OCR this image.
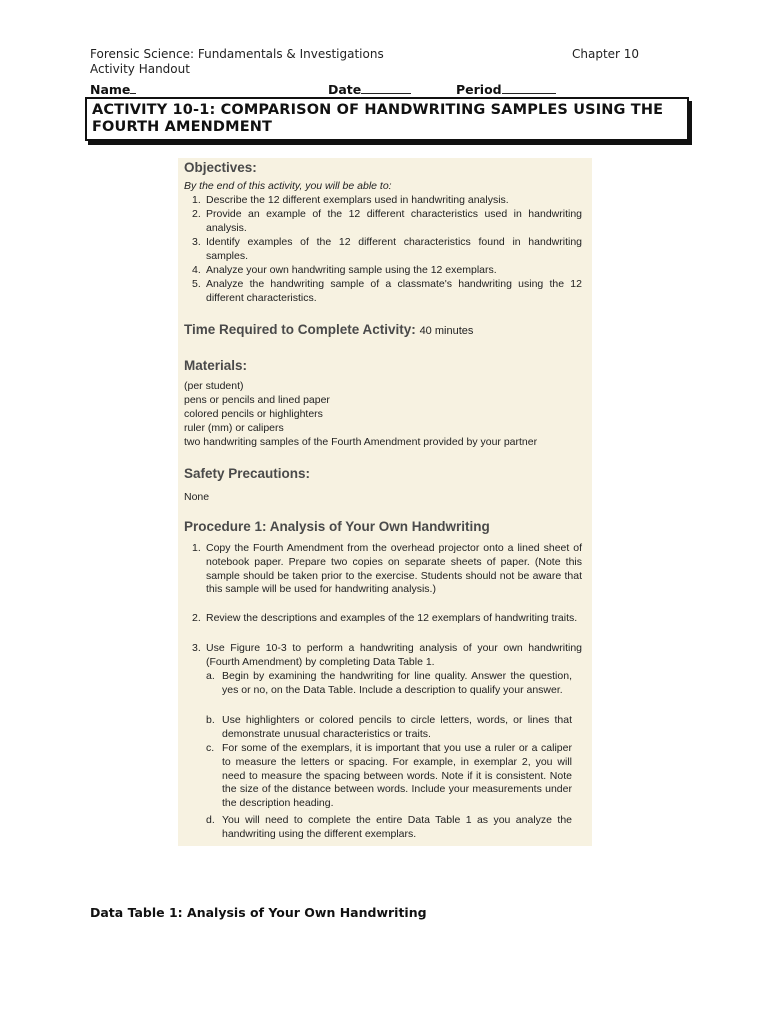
Forensic Science: Fundamentals & Investigations
Activity Handout
Chapter 10
Name	Date	Period
ACTIVITY 10-1: COMPARISON OF HANDWRITING SAMPLES USING THE FOURTH AMENDMENT
Objectives:
By the end of this activity, you will be able to:
1. Describe the 12 different exemplars used in handwriting analysis.
2. Provide an example of the 12 different characteristics used in handwriting analysis.
3. Identify examples of the 12 different characteristics found in handwriting samples.
4. Analyze your own handwriting sample using the 12 exemplars.
5. Analyze the handwriting sample of a classmate's handwriting using the 12 different characteristics.
Time Required to Complete Activity: 40 minutes
Materials:
(per student)
pens or pencils and lined paper
colored pencils or highlighters
ruler (mm) or calipers
two handwriting samples of the Fourth Amendment provided by your partner
Safety Precautions:
None
Procedure 1: Analysis of Your Own Handwriting
1. Copy the Fourth Amendment from the overhead projector onto a lined sheet of notebook paper. Prepare two copies on separate sheets of paper. (Note this sample should be taken prior to the exercise. Students should not be aware that this sample will be used for handwriting analysis.)
2. Review the descriptions and examples of the 12 exemplars of handwriting traits.
3. Use Figure 10-3 to perform a handwriting analysis of your own handwriting (Fourth Amendment) by completing Data Table 1.
a. Begin by examining the handwriting for line quality. Answer the question, yes or no, on the Data Table. Include a description to qualify your answer.
b. Use highlighters or colored pencils to circle letters, words, or lines that demonstrate unusual characteristics or traits.
c. For some of the exemplars, it is important that you use a ruler or a caliper to measure the letters or spacing. For example, in exemplar 2, you will need to measure the spacing between words. Note if it is consistent. Note the size of the distance between words. Include your measurements under the description heading.
d. You will need to complete the entire Data Table 1 as you analyze the handwriting using the different exemplars.
Data Table 1: Analysis of Your Own Handwriting
